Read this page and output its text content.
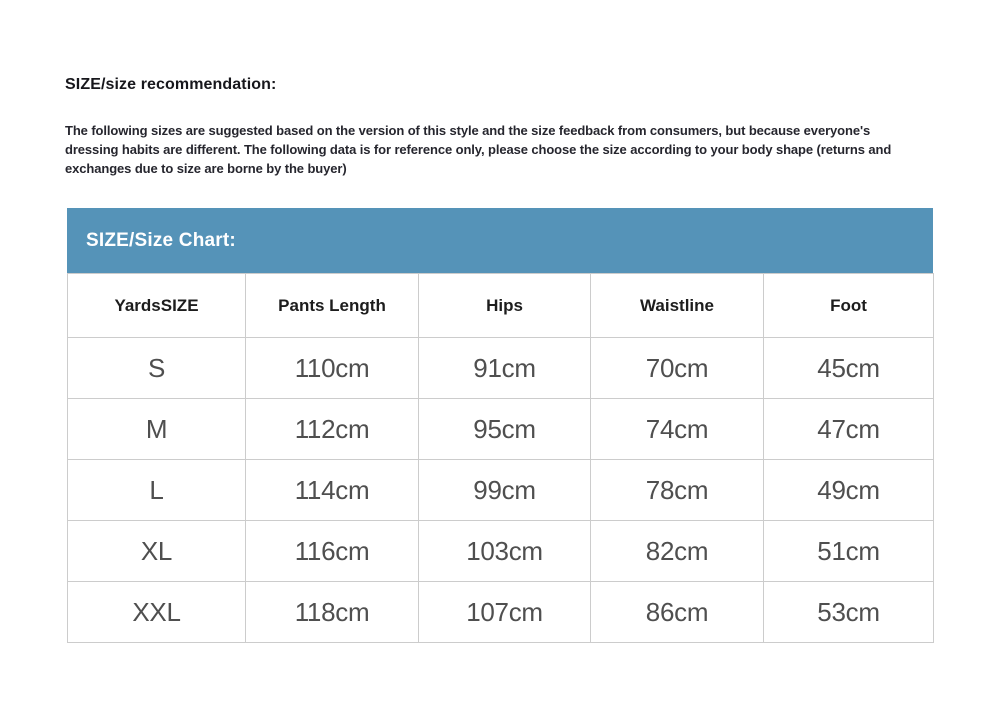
SIZE/size recommendation:
The following sizes are suggested based on the version of this style and the size feedback from consumers, but because everyone's dressing habits are different. The following data is for reference only, please choose the size according to your body shape (returns and exchanges due to size are borne by the buyer)
SIZE/Size Chart:
YardsSIZE	Pants Length	Hips	Waistline	Foot
S	110cm	91cm	70cm	45cm
M	112cm	95cm	74cm	47cm
L	114cm	99cm	78cm	49cm
XL	116cm	103cm	82cm	51cm
XXL	118cm	107cm	86cm	53cm
